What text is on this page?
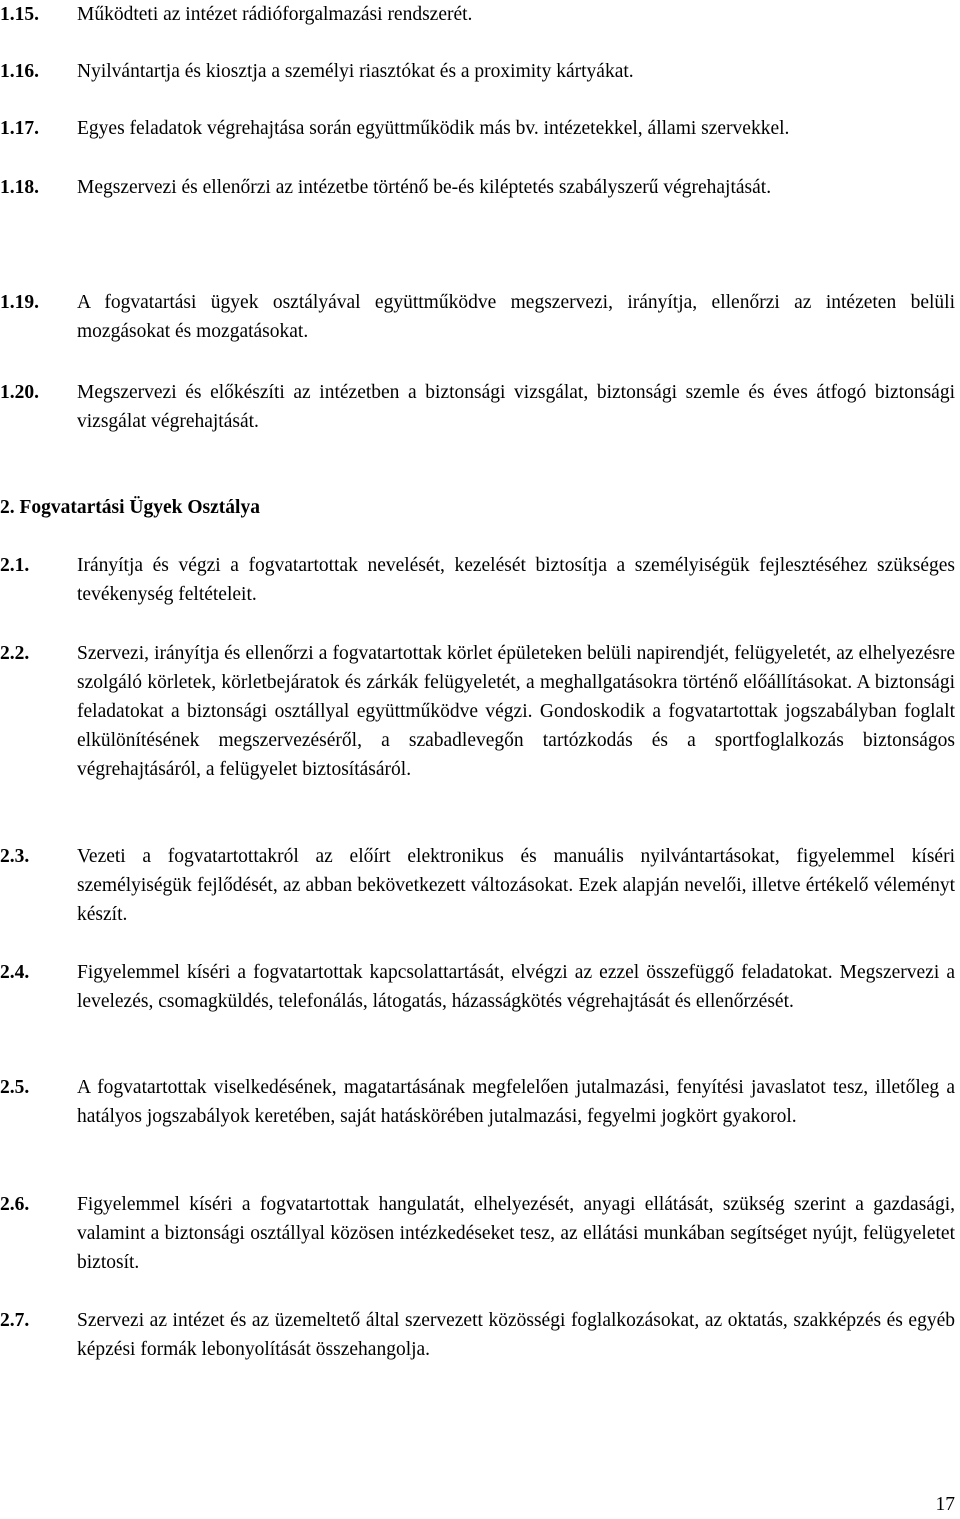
1.15.	Működteti az intézet rádióforgalmazási rendszerét.
1.16.	Nyilvántartja és kiosztja a személyi riasztókat és a proximity kártyákat.
1.17.	Egyes feladatok végrehajtása során együttműködik más bv. intézetekkel, állami szervekkel.
1.18.	Megszervezi és ellenőrzi az intézetbe történő be-és kiléptetés szabályszerű végrehajtását.
1.19.	A fogvatartási ügyek osztályával együttműködve megszervezi, irányítja, ellenőrzi az intézeten belüli mozgásokat és mozgatásokat.
1.20.	Megszervezi és előkészíti az intézetben a biztonsági vizsgálat, biztonsági szemle és éves átfogó biztonsági vizsgálat végrehajtását.
2. Fogvatartási Ügyek Osztálya
2.1.	Irányítja és végzi a fogvatartottak nevelését, kezelését biztosítja a személyiségük fejlesztéséhez szükséges tevékenység feltételeit.
2.2.	Szervezi, irányítja és ellenőrzi a fogvatartottak körlet épületeken belüli napirendjét, felügyeletét, az elhelyezésre szolgáló körletek, körletbejáratok és zárkák felügyeletét, a meghallgatásokra történő előállításokat. A biztonsági feladatokat a biztonsági osztállyal együttműködve végzi. Gondoskodik a fogvatartottak jogszabályban foglalt elkülönítésének megszervezéséről, a szabadlevegőn tartózkodás és a sportfoglalkozás biztonságos végrehajtásáról, a felügyelet biztosításáról.
2.3.	Vezeti a fogvatartottakról az előírt elektronikus és manuális nyilvántartásokat, figyelemmel kíséri személyiségük fejlődését, az abban bekövetkezett változásokat. Ezek alapján nevelői, illetve értékelő véleményt készít.
2.4.	Figyelemmel kíséri a fogvatartottak kapcsolattartását, elvégzi az ezzel összefüggő feladatokat. Megszervezi a levelezés, csomagküldés, telefonálás, látogatás, házasságkötés végrehajtását és ellenőrzését.
2.5.	A fogvatartottak viselkedésének, magatartásának megfelelően jutalmazási, fenyítési javaslatot tesz, illetőleg a hatályos jogszabályok keretében, saját hatáskörében jutalmazási, fegyelmi jogkört gyakorol.
2.6.	Figyelemmel kíséri a fogvatartottak hangulatát, elhelyezését, anyagi ellátását, szükség szerint a gazdasági, valamint a biztonsági osztállyal közösen intézkedéseket tesz, az ellátási munkában segítséget nyújt, felügyeletet biztosít.
2.7.	Szervezi az intézet és az üzemeltető által szervezett közösségi foglalkozásokat, az oktatás, szakképzés és egyéb képzési formák lebonyolítását összehangolja.
17
